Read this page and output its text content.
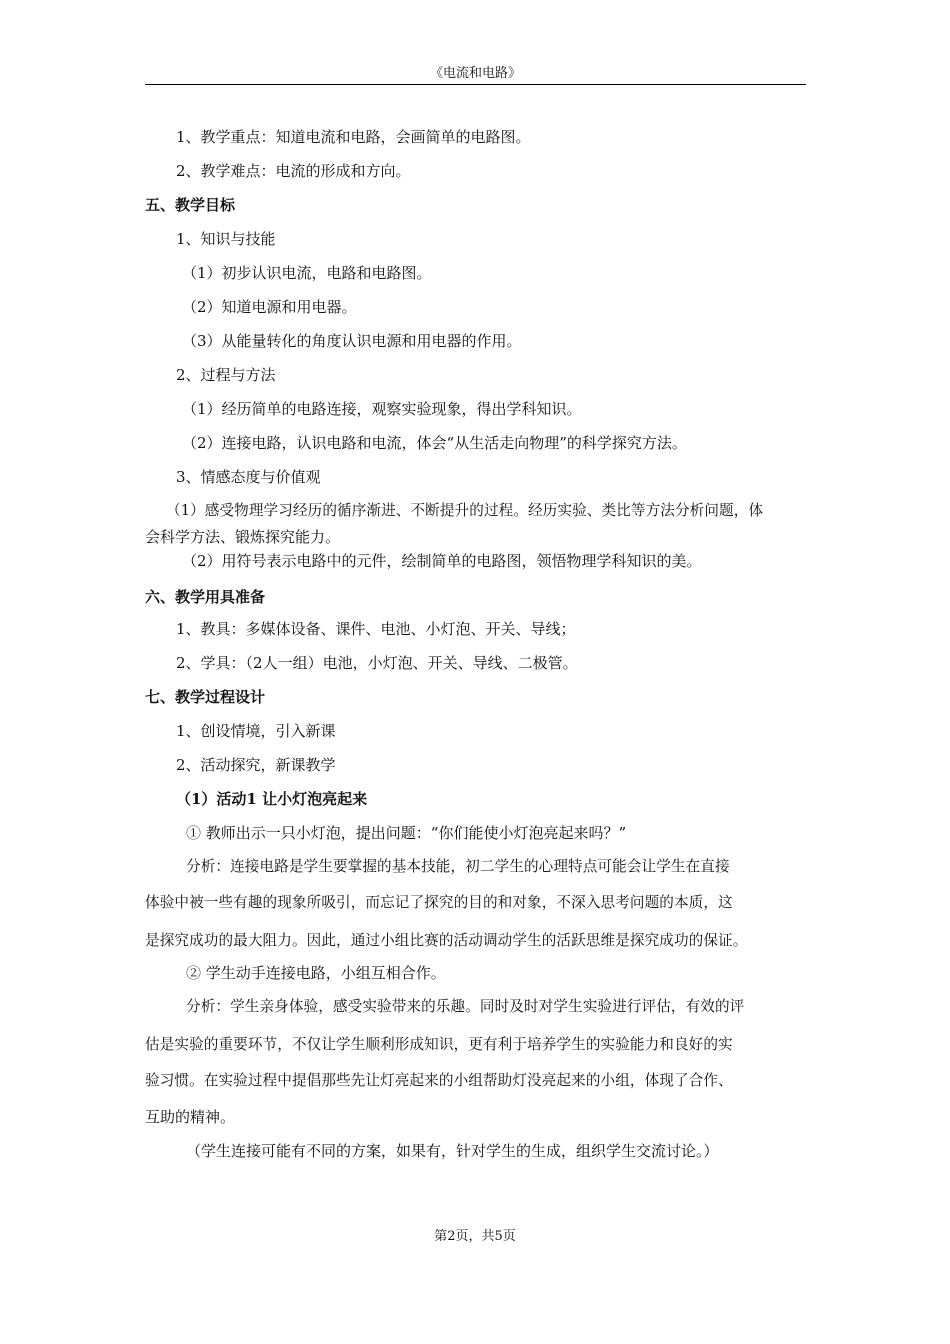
《电流和电路》
1、教学重点：知道电流和电路，会画简单的电路图。
2、教学难点：电流的形成和方向。
五、教学目标
1、知识与技能
（1）初步认识电流，电路和电路图。
（2）知道电源和用电器。
（3）从能量转化的角度认识电源和用电器的作用。
2、过程与方法
（1）经历简单的电路连接，观察实验现象，得出学科知识。
（2）连接电路，认识电路和电流，体会“从生活走向物理”的科学探究方法。
3、情感态度与价值观
（1）感受物理学习经历的循序渐进、不断提升的过程。经历实验、类比等方法分析问题，体
会科学方法、锻炼探究能力。
（2）用符号表示电路中的元件，绘制简单的电路图，领悟物理学科知识的美。
六、教学用具准备
1、教具：多媒体设备、课件、电池、小灯泡、开关、导线；
2、学具：（2人一组）电池，小灯泡、开关、导线、二极管。
七、教学过程设计
1、创设情境，引入新课
2、活动探究，新课教学
（1）活动1 让小灯泡亮起来
① 教师出示一只小灯泡，提出问题：“你们能使小灯泡亮起来吗？”
分析：连接电路是学生要掌握的基本技能，初二学生的心理特点可能会让学生在直接
体验中被一些有趣的现象所吸引，而忘记了探究的目的和对象，不深入思考问题的本质，这
是探究成功的最大阻力。因此，通过小组比赛的活动调动学生的活跃思维是探究成功的保证。
② 学生动手连接电路，小组互相合作。
分析：学生亲身体验，感受实验带来的乐趣。同时及时对学生实验进行评估，有效的评
估是实验的重要环节，不仅让学生顺利形成知识，更有利于培养学生的实验能力和良好的实
验习惯。在实验过程中提倡那些先让灯亮起来的小组帮助灯没亮起来的小组，体现了合作、
互助的精神。
（学生连接可能有不同的方案，如果有，针对学生的生成，组织学生交流讨论。）
第2页，共5页
